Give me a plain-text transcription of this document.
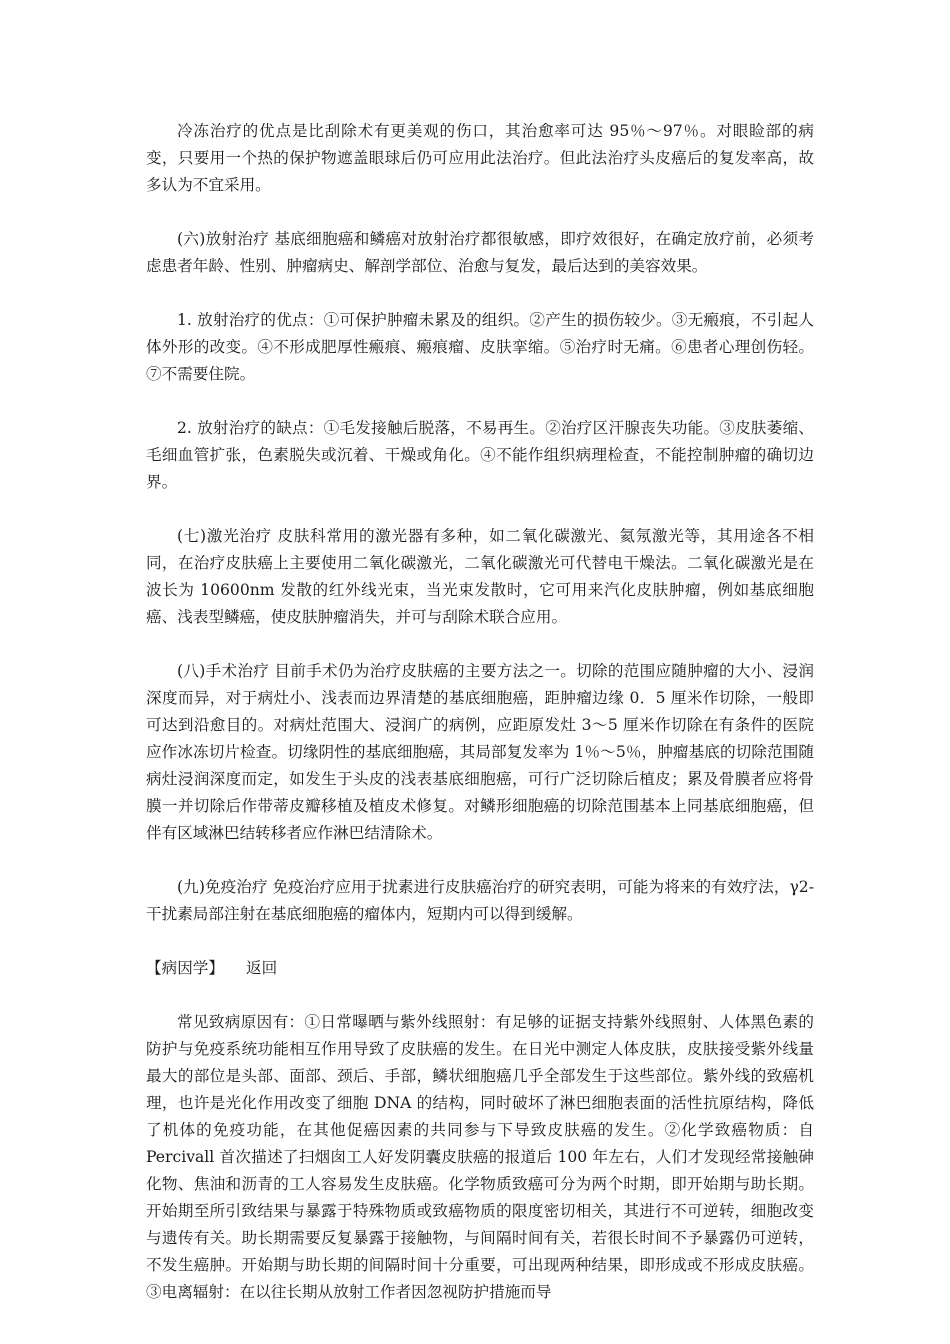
冷冻治疗的优点是比刮除术有更美观的伤口，其治愈率可达 95％～97％。对眼睑部的病变，只要用一个热的保护物遮盖眼球后仍可应用此法治疗。但此法治疗头皮癌后的复发率高，故多认为不宜采用。

(六)放射治疗 基底细胞癌和鳞癌对放射治疗都很敏感，即疗效很好，在确定放疗前，必须考虑患者年龄、性别、肿瘤病史、解剖学部位、治愈与复发，最后达到的美容效果。

1. 放射治疗的优点：①可保护肿瘤未累及的组织。②产生的损伤较少。③无瘢痕，不引起人体外形的改变。④不形成肥厚性瘢痕、瘢痕瘤、皮肤挛缩。⑤治疗时无痛。⑥患者心理创伤轻。⑦不需要住院。

2. 放射治疗的缺点：①毛发接触后脱落，不易再生。②治疗区汗腺丧失功能。③皮肤萎缩、毛细血管扩张，色素脱失或沉着、干燥或角化。④不能作组织病理检查，不能控制肿瘤的确切边界。

(七)激光治疗 皮肤科常用的激光器有多种，如二氧化碳激光、氦氖激光等，其用途各不相同，在治疗皮肤癌上主要使用二氧化碳激光，二氧化碳激光可代替电干燥法。二氧化碳激光是在波长为 10600nm 发散的红外线光束，当光束发散时，它可用来汽化皮肤肿瘤，例如基底细胞癌、浅表型鳞癌，使皮肤肿瘤消失，并可与刮除术联合应用。

(八)手术治疗 目前手术仍为治疗皮肤癌的主要方法之一。切除的范围应随肿瘤的大小、浸润深度而异，对于病灶小、浅表而边界清楚的基底细胞癌，距肿瘤边缘 0．5 厘米作切除，一般即可达到沿愈目的。对病灶范围大、浸润广的病例，应距原发灶 3～5 厘米作切除在有条件的医院应作冰冻切片检查。切缘阴性的基底细胞癌，其局部复发率为 1％～5％，肿瘤基底的切除范围随病灶浸润深度而定，如发生于头皮的浅表基底细胞癌，可行广泛切除后植皮；累及骨膜者应将骨膜一并切除后作带蒂皮瓣移植及植皮术修复。对鳞形细胞癌的切除范围基本上同基底细胞癌，但伴有区域淋巴结转移者应作淋巴结清除术。

(九)免疫治疗 免疫治疗应用于扰素进行皮肤癌治疗的研究表明，可能为将来的有效疗法，γ2-干扰素局部注射在基底细胞癌的瘤体内，短期内可以得到缓解。

【病因学】 返回

常见致病原因有：①日常曝晒与紫外线照射：有足够的证据支持紫外线照射、人体黑色素的防护与免疫系统功能相互作用导致了皮肤癌的发生。在日光中测定人体皮肤，皮肤接受紫外线量最大的部位是头部、面部、颈后、手部，鳞状细胞癌几乎全部发生于这些部位。紫外线的致癌机理，也许是光化作用改变了细胞 DNA 的结构，同时破坏了淋巴细胞表面的活性抗原结构，降低了机体的免疫功能，在其他促癌因素的共同参与下导致皮肤癌的发生。②化学致癌物质：自 Percivall 首次描述了扫烟囱工人好发阴囊皮肤癌的报道后 100 年左右，人们才发现经常接触砷化物、焦油和沥青的工人容易发生皮肤癌。化学物质致癌可分为两个时期，即开始期与助长期。开始期至所引致结果与暴露于特殊物质或致癌物质的限度密切相关，其进行不可逆转，细胞改变与遗传有关。助长期需要反复暴露于接触物，与间隔时间有关，若很长时间不予暴露仍可逆转，不发生癌肿。开始期与助长期的间隔时间十分重要，可出现两种结果，即形成或不形成皮肤癌。③电离辐射：在以往长期从放射工作者因忽视防护措施而导
